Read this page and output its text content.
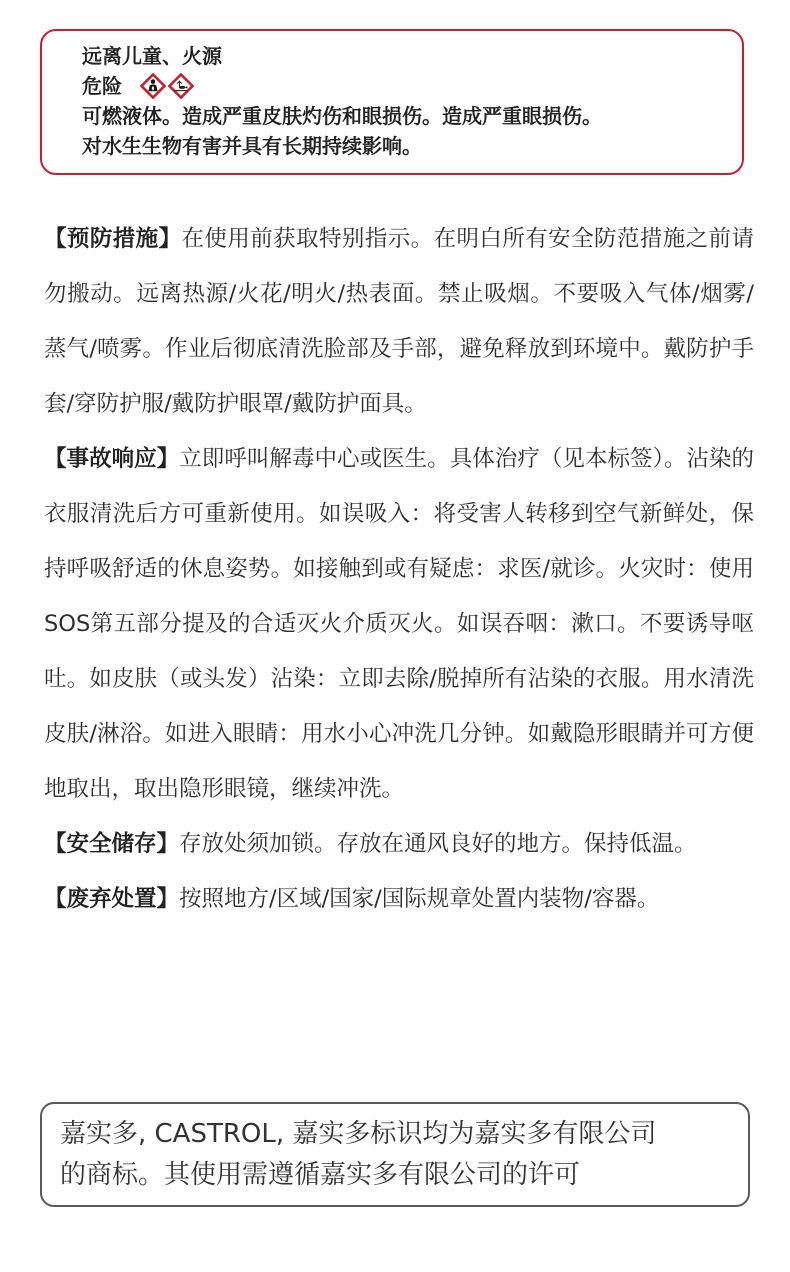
远离儿童、火源
危险
可燃液体。造成严重皮肤灼伤和眼损伤。造成严重眼损伤。
对水生生物有害并具有长期持续影响。

【预防措施】在使用前获取特别指示。在明白所有安全防范措施之前请勿搬动。远离热源/火花/明火/热表面。禁止吸烟。不要吸入气体/烟雾/蒸气/喷雾。作业后彻底清洗脸部及手部，避免释放到环境中。戴防护手套/穿防护服/戴防护眼罩/戴防护面具。

【事故响应】立即呼叫解毒中心或医生。具体治疗（见本标签）。沾染的衣服清洗后方可重新使用。如误吸入：将受害人转移到空气新鲜处，保持呼吸舒适的休息姿势。如接触到或有疑虑：求医/就诊。火灾时：使用SOS第五部分提及的合适灭火介质灭火。如误吞咽：漱口。不要诱导呕吐。如皮肤（或头发）沾染：立即去除/脱掉所有沾染的衣服。用水清洗皮肤/淋浴。如进入眼睛：用水小心冲洗几分钟。如戴隐形眼睛并可方便地取出，取出隐形眼镜，继续冲洗。

【安全储存】存放处须加锁。存放在通风良好的地方。保持低温。

【废弃处置】按照地方/区域/国家/国际规章处置内装物/容器。

嘉实多, CASTROL, 嘉实多标识均为嘉实多有限公司
的商标。其使用需遵循嘉实多有限公司的许可
